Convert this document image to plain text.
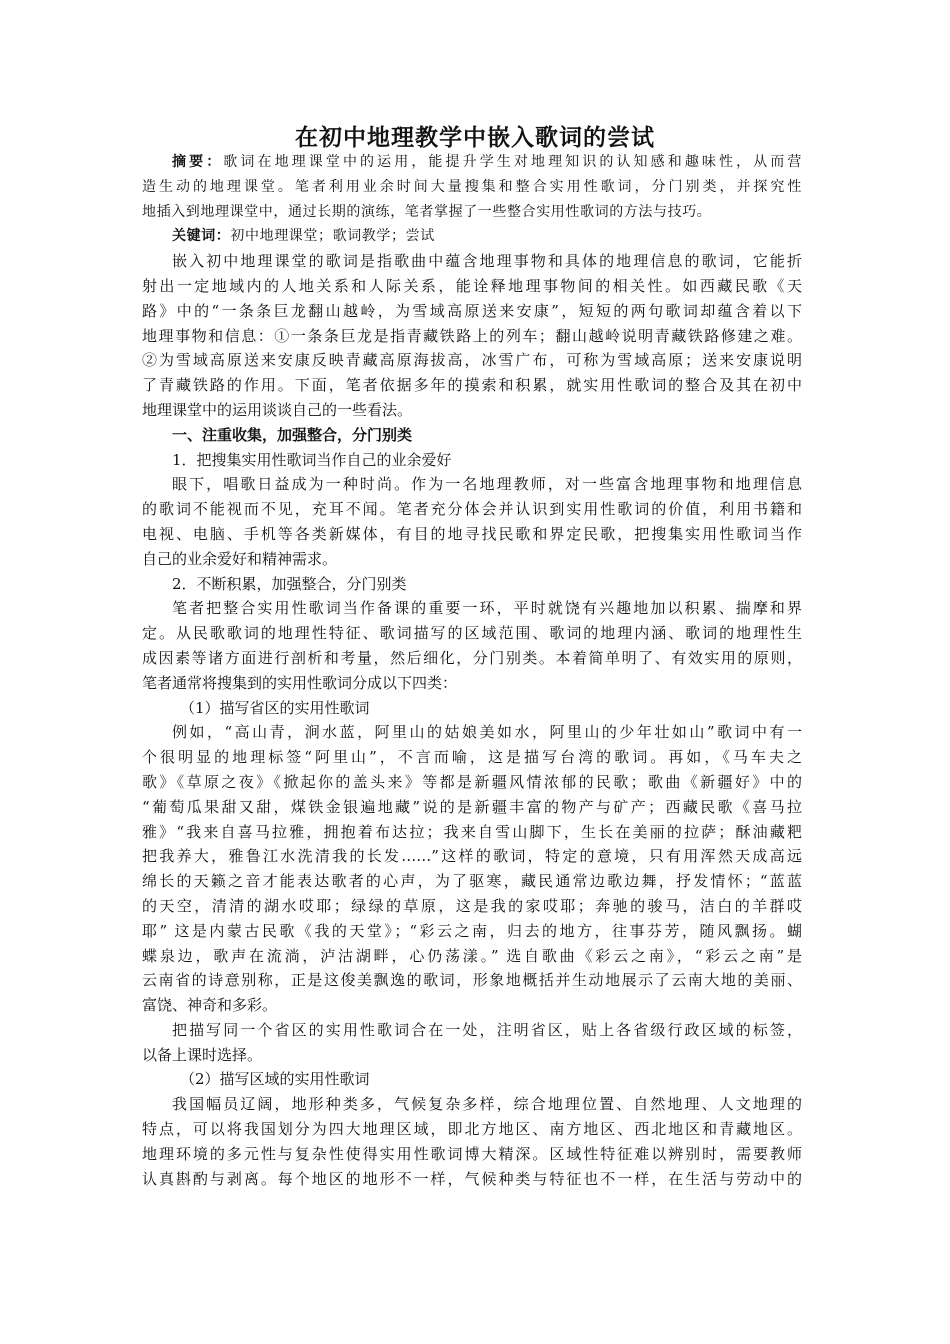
在初中地理教学中嵌入歌词的尝试
摘要：歌词在地理课堂中的运用，能提升学生对地理知识的认知感和趣味性，从而营
造生动的地理课堂。笔者利用业余时间大量搜集和整合实用性歌词，分门别类，并探究性
地插入到地理课堂中，通过长期的演练，笔者掌握了一些整合实用性歌词的方法与技巧。
关键词：初中地理课堂；歌词教学；尝试
嵌入初中地理课堂的歌词是指歌曲中蕴含地理事物和具体的地理信息的歌词，它能折
射出一定地域内的人地关系和人际关系，能诠释地理事物间的相关性。如西藏民歌《天
路》中的“一条条巨龙翻山越岭，为雪域高原送来安康”，短短的两句歌词却蕴含着以下
地理事物和信息：①一条条巨龙是指青藏铁路上的列车；翻山越岭说明青藏铁路修建之难。
②为雪域高原送来安康反映青藏高原海拔高，冰雪广布，可称为雪域高原；送来安康说明
了青藏铁路的作用。下面，笔者依据多年的摸索和积累，就实用性歌词的整合及其在初中
地理课堂中的运用谈谈自己的一些看法。
一、注重收集，加强整合，分门别类
1．把搜集实用性歌词当作自己的业余爱好
眼下，唱歌日益成为一种时尚。作为一名地理教师，对一些富含地理事物和地理信息
的歌词不能视而不见，充耳不闻。笔者充分体会并认识到实用性歌词的价值，利用书籍和
电视、电脑、手机等各类新媒体，有目的地寻找民歌和界定民歌，把搜集实用性歌词当作
自己的业余爱好和精神需求。
2．不断积累，加强整合，分门别类
笔者把整合实用性歌词当作备课的重要一环，平时就饶有兴趣地加以积累、揣摩和界
定。从民歌歌词的地理性特征、歌词描写的区域范围、歌词的地理内涵、歌词的地理性生
成因素等诸方面进行剖析和考量，然后细化，分门别类。本着简单明了、有效实用的原则，
笔者通常将搜集到的实用性歌词分成以下四类：
（1）描写省区的实用性歌词
例如，“高山青，涧水蓝，阿里山的姑娘美如水，阿里山的少年壮如山”歌词中有一
个很明显的地理标签“阿里山”，不言而喻，这是描写台湾的歌词。再如，《马车夫之
歌》《草原之夜》《掀起你的盖头来》等都是新疆风情浓郁的民歌；歌曲《新疆好》中的
“葡萄瓜果甜又甜，煤铁金银遍地藏”说的是新疆丰富的物产与矿产；西藏民歌《喜马拉
雅》“我来自喜马拉雅，拥抱着布达拉；我来自雪山脚下，生长在美丽的拉萨；酥油藏粑
把我养大，雅鲁江水洗清我的长发……”这样的歌词，特定的意境，只有用浑然天成高远
绵长的天籁之音才能表达歌者的心声，为了驱寒，藏民通常边歌边舞，抒发情怀；“蓝蓝
的天空，清清的湖水哎耶；绿绿的草原，这是我的家哎耶；奔驰的骏马，洁白的羊群哎
耶” 这是内蒙古民歌《我的天堂》；“彩云之南，归去的地方，往事芬芳，随风飘扬。蝴
蝶泉边，歌声在流淌，泸沽湖畔，心仍荡漾。” 选自歌曲《彩云之南》，“彩云之南”是
云南省的诗意别称，正是这俊美飘逸的歌词，形象地概括并生动地展示了云南大地的美丽、
富饶、神奇和多彩。
把描写同一个省区的实用性歌词合在一处，注明省区，贴上各省级行政区域的标签，
以备上课时选择。
（2）描写区域的实用性歌词
我国幅员辽阔，地形种类多，气候复杂多样，综合地理位置、自然地理、人文地理的
特点，可以将我国划分为四大地理区域，即北方地区、南方地区、西北地区和青藏地区。
地理环境的多元性与复杂性使得实用性歌词博大精深。区域性特征难以辨别时，需要教师
认真斟酌与剥离。每个地区的地形不一样，气候种类与特征也不一样，在生活与劳动中的
